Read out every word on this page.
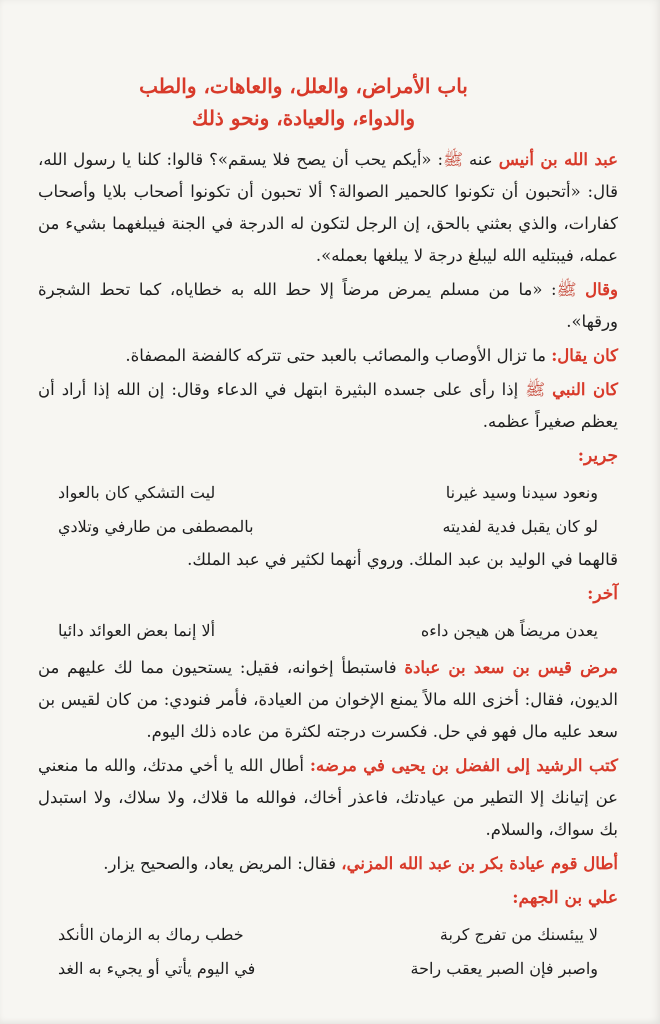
باب الأمراض، والعلل، والعاهات، والطب

والدواء، والعيادة، ونحو ذلك

عبد الله بن أنيس عنه ﷺ: «أيكم يحب أن يصح فلا يسقم»؟ قالوا: كلنا يا رسول الله، قال: «أتحبون أن تكونوا كالحمير الصوالة؟ ألا تحبون أن تكونوا أصحاب بلايا وأصحاب كفارات، والذي بعثني بالحق، إن الرجل لتكون له الدرجة في الجنة فيبلغهما بشيء من عمله، فيبتليه الله ليبلغ درجة لا يبلغها بعمله».

وقال ﷺ: «ما من مسلم يمرض مرضاً إلا حط الله به خطاياه، كما تحط الشجرة ورقها».

كان يقال: ما تزال الأوصاب والمصائب بالعبد حتى تتركه كالفضة المصفاة.

كان النبي ﷺ إذا رأى على جسده البثيرة ابتهل في الدعاء وقال: إن الله إذا أراد أن يعظم صغيراً عظمه.

جرير:
ونعود سيدنا وسيد غيرنا
ليت التشكي كان بالعواد
لو كان يقبل فدية لفديته
بالمصطفى من طارفي وتلادي

قالهما في الوليد بن عبد الملك. وروي أنهما لكثير في عبد الملك.

آخر:
يعدن مريضاً هن هيجن داءه
ألا إنما بعض العوائد دائيا

مرض قيس بن سعد بن عبادة فاستبطأ إخوانه، فقيل: يستحيون مما لك عليهم من الديون، فقال: أخزى الله مالاً يمنع الإخوان من العيادة، فأمر فنودي: من كان لقيس بن سعد عليه مال فهو في حل. فكسرت درجته لكثرة من عاده ذلك اليوم.

كتب الرشيد إلى الفضل بن يحيى في مرضه: أطال الله يا أخي مدتك، والله ما منعني عن إتيانك إلا التطير من عيادتك، فاعذر أخاك، فوالله ما قلاك، ولا سلاك، ولا استبدل بك سواك، والسلام.

أطال قوم عيادة بكر بن عبد الله المزني، فقال: المريض يعاد، والصحيح يزار.

علي بن الجهم:
لا ييئسنك من تفرج كربة
خطب رماك به الزمان الأنكد
واصبر فإن الصبر يعقب راحة
في اليوم يأتي أو يجيء به الغد
